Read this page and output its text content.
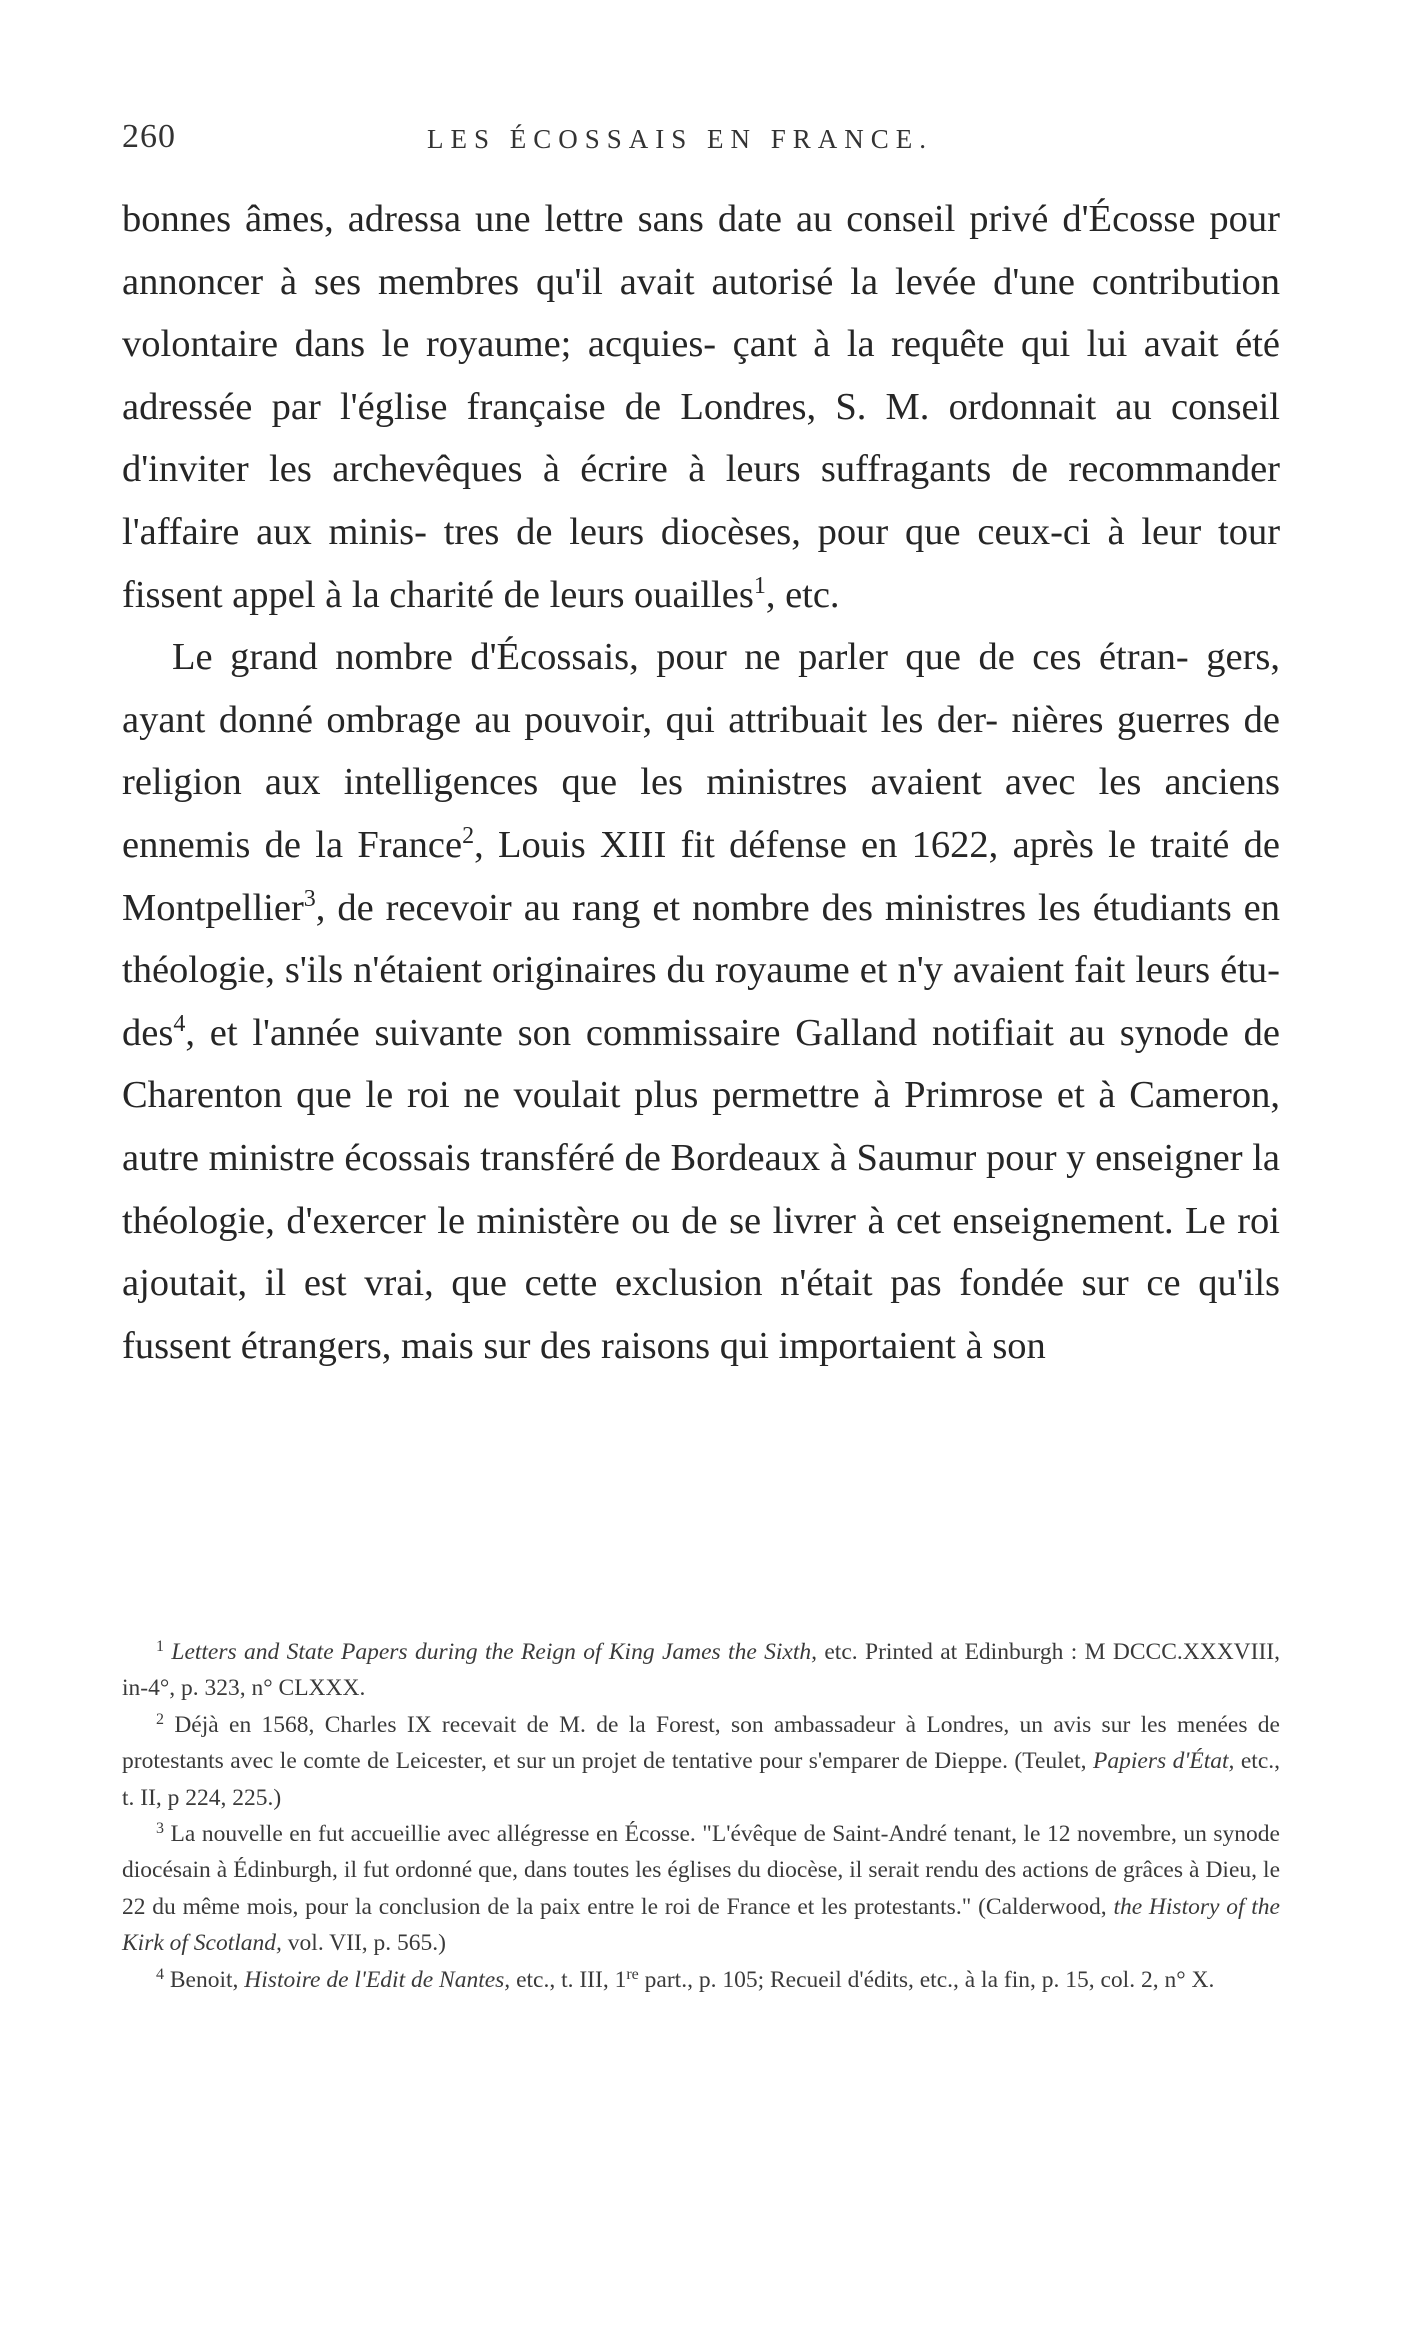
260	LES ÉCOSSAIS EN FRANCE.

bonnes âmes, adressa une lettre sans date au conseil privé d'Écosse pour annoncer à ses membres qu'il avait autorisé la levée d'une contribution volontaire dans le royaume; acquies- çant à la requête qui lui avait été adressée par l'église française de Londres, S. M. ordonnait au conseil d'inviter les archevêques à écrire à leurs suffragants de recommander l'affaire aux minis- tres de leurs diocèses, pour que ceux-ci à leur tour fissent appel à la charité de leurs ouailles$^1$, etc.

Le grand nombre d'Écossais, pour ne parler que de ces étran- gers, ayant donné ombrage au pouvoir, qui attribuait les der- nières guerres de religion aux intelligences que les ministres avaient avec les anciens ennemis de la France$^2$, Louis XIII fit défense en 1622, après le traité de Montpellier$^3$, de recevoir au rang et nombre des ministres les étudiants en théologie, s'ils n'étaient originaires du royaume et n'y avaient fait leurs étu- des$^4$, et l'année suivante son commissaire Galland notifiait au synode de Charenton que le roi ne voulait plus permettre à Primrose et à Cameron, autre ministre écossais transféré de Bordeaux à Saumur pour y enseigner la théologie, d'exercer le ministère ou de se livrer à cet enseignement. Le roi ajoutait, il est vrai, que cette exclusion n'était pas fondée sur ce qu'ils fussent étrangers, mais sur des raisons qui importaient à son

$^1$ Letters and State Papers during the Reign of King James the Sixth, etc. Printed at Edinburgh : M DCCC.XXXVIII, in-4°, p. 323, n° CLXXX.

$^2$ Déjà en 1568, Charles IX recevait de M. de la Forest, son ambassadeur à Londres, un avis sur les menées de protestants avec le comte de Leicester, et sur un projet de tentative pour s'emparer de Dieppe. (Teulet, Papiers d'État, etc., t. II, p 224, 225.)

$^3$ La nouvelle en fut accueillie avec allégresse en Écosse. "L'évêque de Saint-André tenant, le 12 novembre, un synode diocésain à Édinburgh, il fut ordonné que, dans toutes les églises du diocèse, il serait rendu des actions de grâces à Dieu, le 22 du même mois, pour la conclusion de la paix entre le roi de France et les protestants." (Calderwood, the History of the Kirk of Scotland, vol. VII, p. 565.)

$^4$ Benoit, Histoire de l'Edit de Nantes, etc., t. III, 1re part., p. 105; Recueil d'édits, etc., à la fin, p. 15, col. 2, n° X.
